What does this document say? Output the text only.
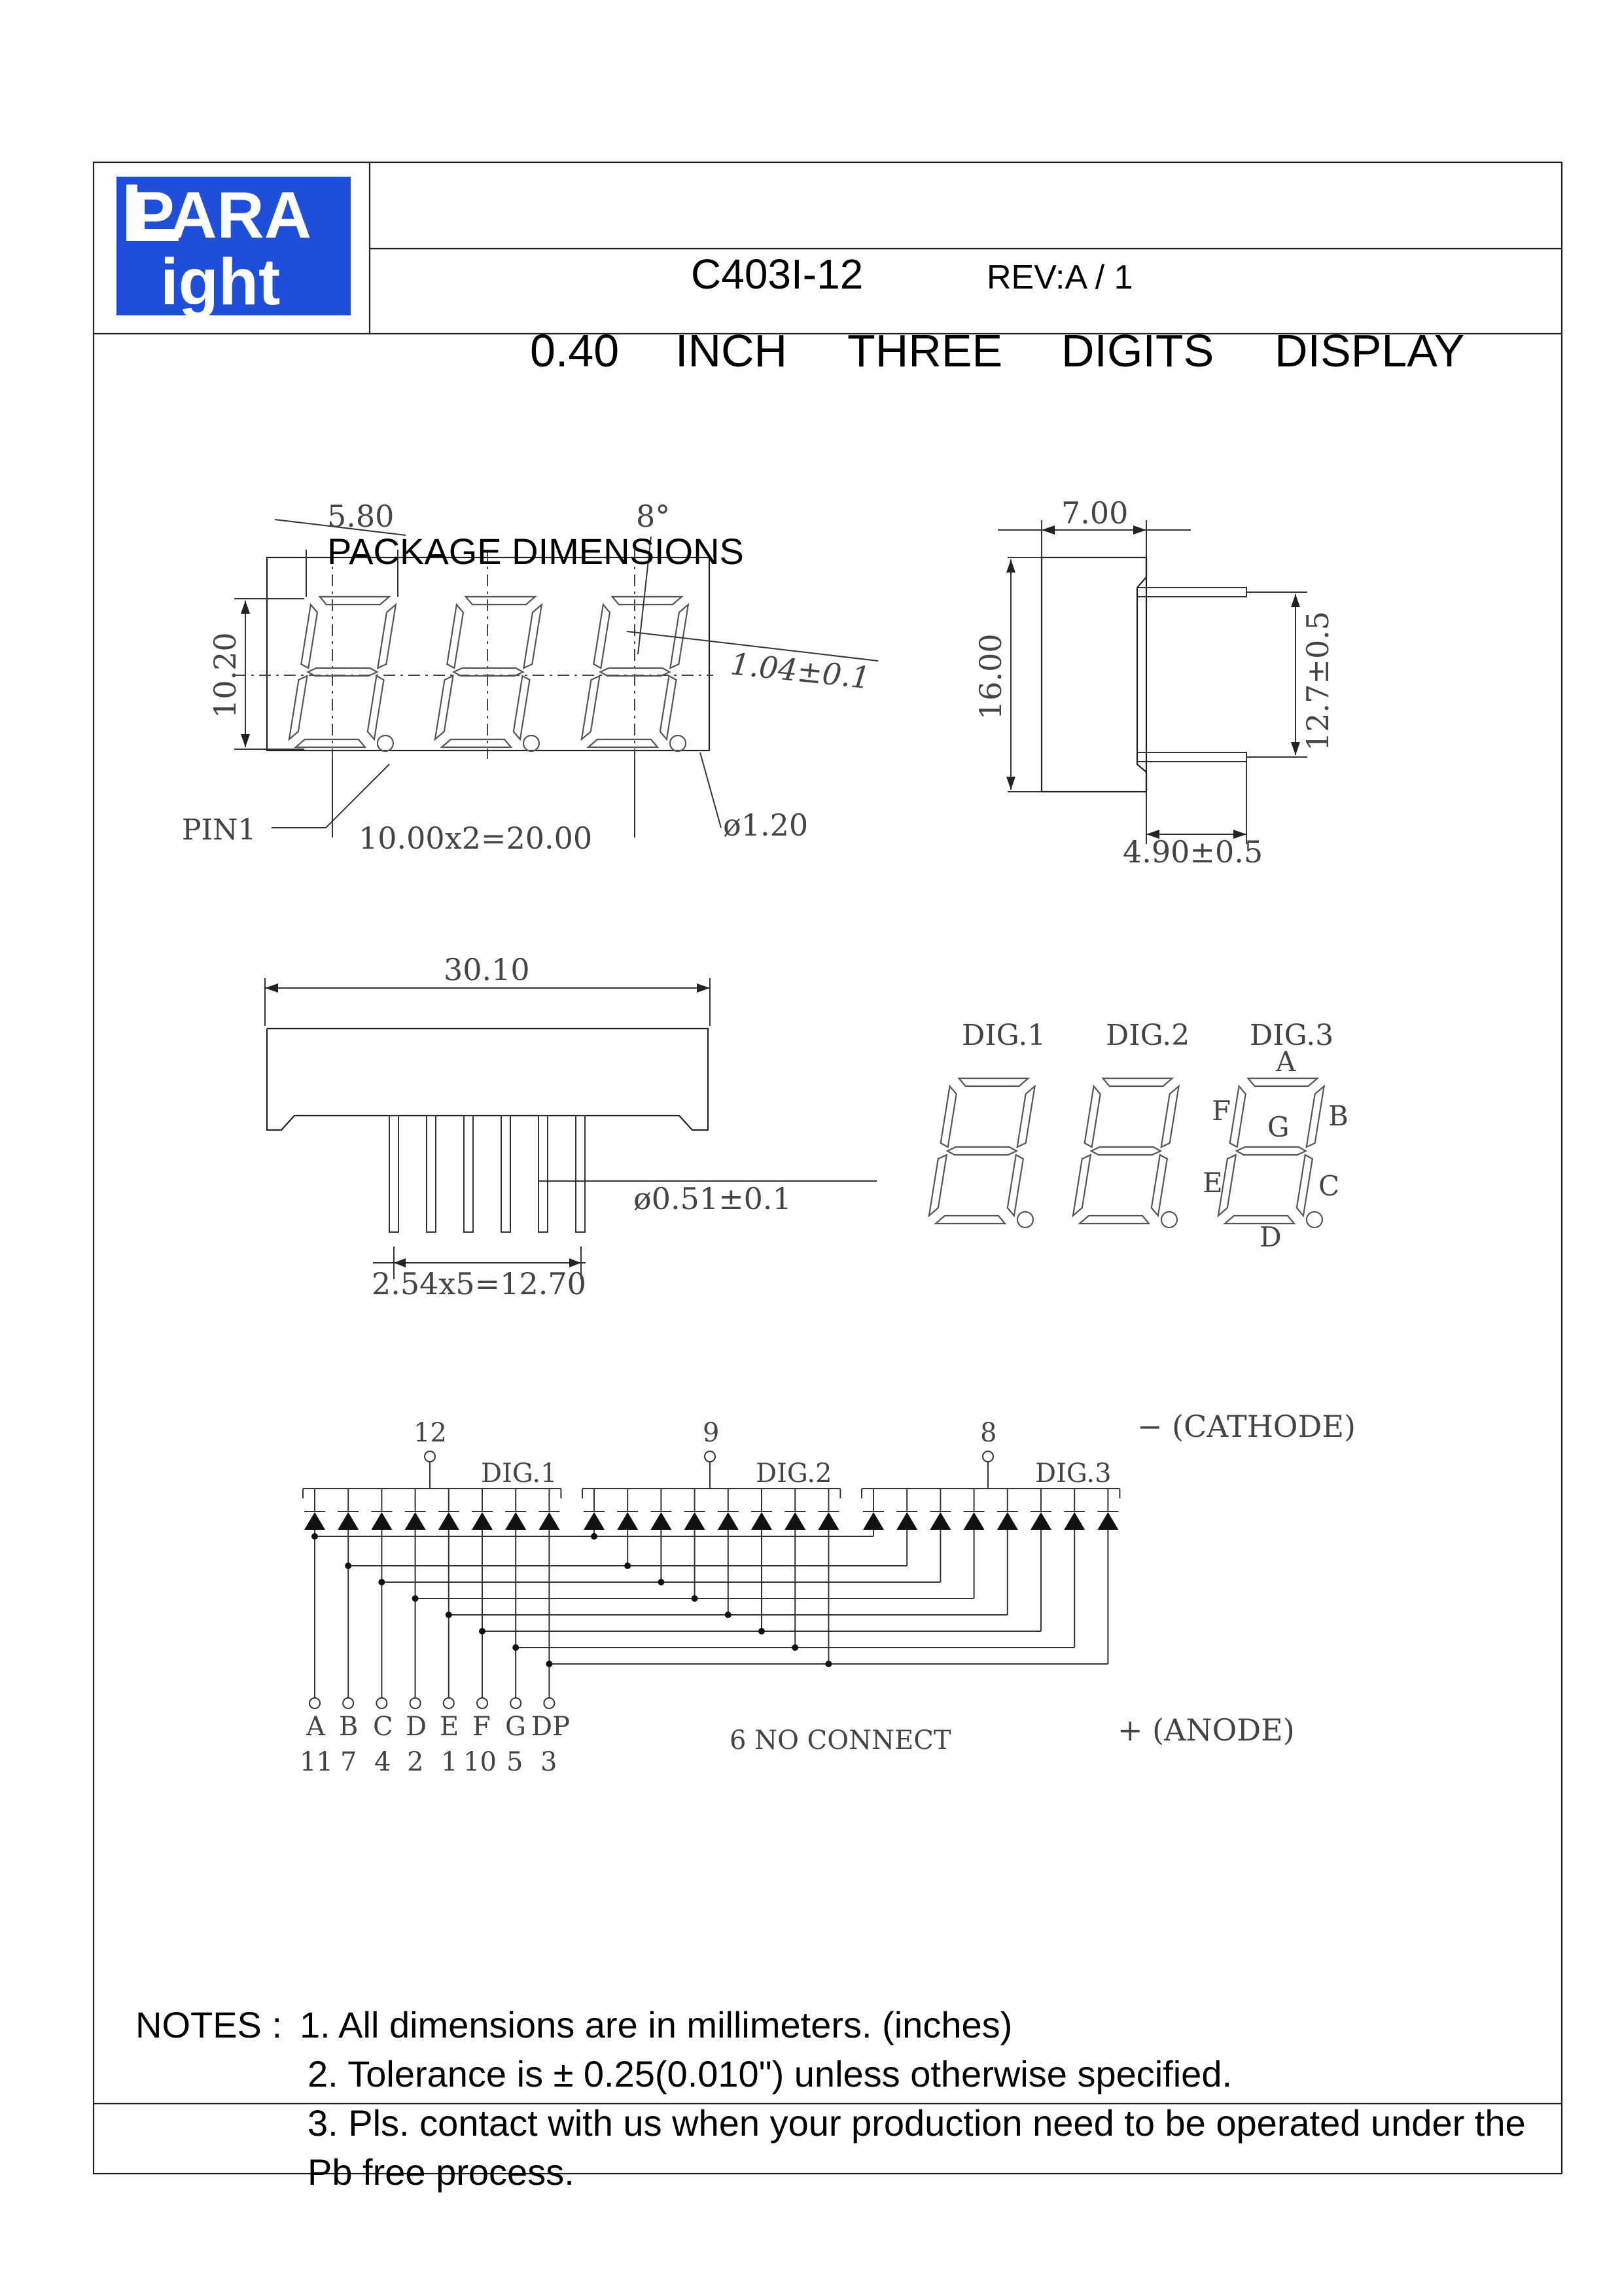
PARA
ight	C403I-12	REV:A / 1
0.40 INCH THREE DIGITS DISPLAY
5.80
PACKAGE DIMENSIONS
8°
10.20	1.04±0.1
PIN1	10.00x2=20.00	ø1.20
7.00
16.00	12.7±0.5
4.90±0.5
30.10
ø0.51±0.1
2.54x5=12.70
DIG.1 DIG.2 DIG.3
A
B
C
D
E
F
G
12	9	8
DIG.1	DIG.2	DIG.3
− (CATHODE)
+ (ANODE)
6 NO CONNECT
A B C D E F G DP
11 7 4 2 1 10 5 3
NOTES : 1. All dimensions are in millimeters. (inches)
2. Tolerance is ± 0.25(0.010") unless otherwise specified.
3. Pls. contact with us when your production need to be operated under the
Pb free process.
